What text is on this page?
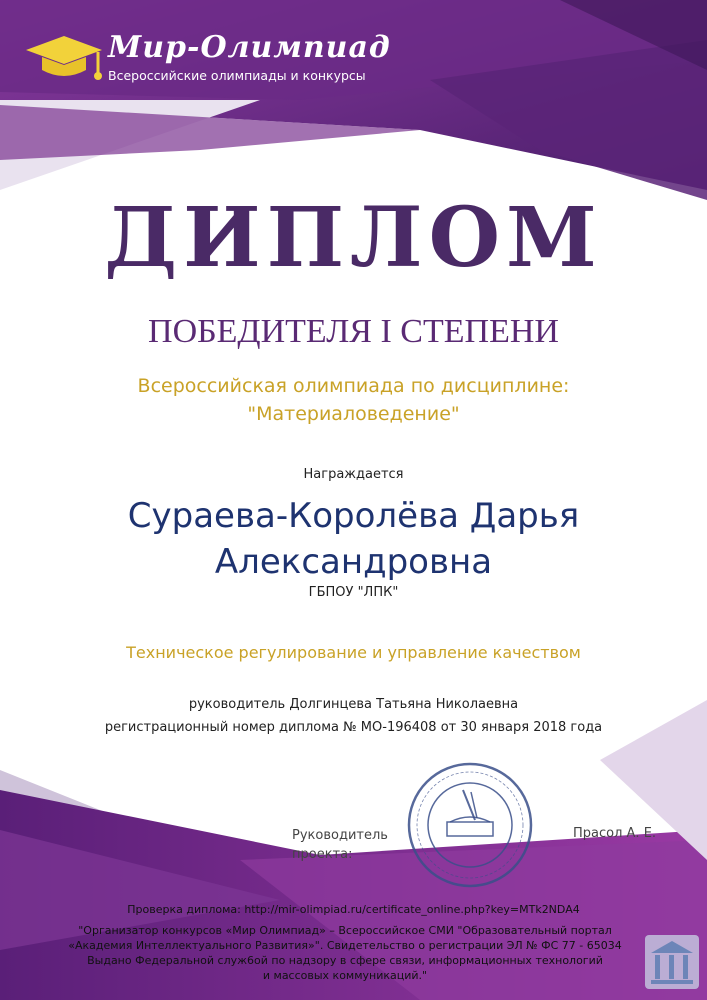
Мир-Олимпиад
Всероссийские олимпиады и конкурсы
ДИПЛОМ
ПОБЕДИТЕЛЯ I СТЕПЕНИ
Всероссийская олимпиада по дисциплине:
"Материаловедение"
Награждается
Сураева-Королёва Дарья
Александровна
ГБПОУ "ЛПК"
Техническое регулирование и управление качеством
руководитель Долгинцева Татьяна Николаевна
регистрационный номер диплома № МО-196408 от 30 января 2018 года
Руководитель
проекта:
Прасол А. Е.
Проверка диплома: http://mir-olimpiad.ru/certificate_online.php?key=MTk2NDA4
"Организатор конкурсов «Мир Олимпиад» – Всероссийское СМИ "Образовательный портал
«Академия Интеллектуального Развития»". Свидетельство о регистрации ЭЛ № ФС 77 - 65034
Выдано Федеральной служ6ой по надзору в сфере связи, информационных технологий
и массовых коммуникаций."
